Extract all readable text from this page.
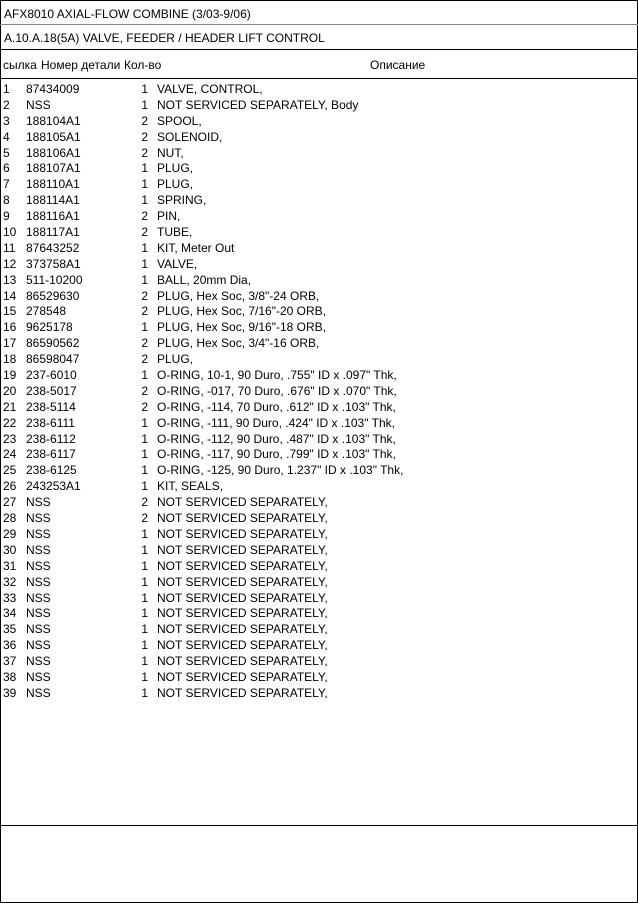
AFX8010 AXIAL-FLOW COMBINE (3/03-9/06)
A.10.A.18(5A) VALVE, FEEDER / HEADER LIFT CONTROL
сылка Номер детали Кол-во	Описание
1 87434009	1 VALVE, CONTROL,
2 NSS	1 NOT SERVICED SEPARATELY, Body
3 188104A1	2 SPOOL,
4 188105A1	2 SOLENOID,
5 188106A1	2 NUT,
6 188107A1	1 PLUG,
7 188110A1	1 PLUG,
8 188114A1	1 SPRING,
9 188116A1	2 PIN,
10 188117A1	2 TUBE,
11 87643252	1 KIT, Meter Out
12 373758A1	1 VALVE,
13 511-10200	1 BALL, 20mm Dia,
14 86529630	2 PLUG, Hex Soc, 3/8"-24 ORB,
15 278548	2 PLUG, Hex Soc, 7/16"-20 ORB,
16 9625178	1 PLUG, Hex Soc, 9/16"-18 ORB,
17 86590562	2 PLUG, Hex Soc, 3/4"-16 ORB,
18 86598047	2 PLUG,
19 237-6010	1 O-RING, 10-1, 90 Duro, .755" ID x .097" Thk,
20 238-5017	2 O-RING, -017, 70 Duro, .676" ID x .070" Thk,
21 238-5114	2 O-RING, -114, 70 Duro, .612" ID x .103" Thk,
22 238-6111	1 O-RING, -111, 90 Duro, .424" ID x .103" Thk,
23 238-6112	1 O-RING, -112, 90 Duro, .487" ID x .103" Thk,
24 238-6117	1 O-RING, -117, 90 Duro, .799" ID x .103" Thk,
25 238-6125	1 O-RING, -125, 90 Duro, 1.237" ID x .103" Thk,
26 243253A1	1 KIT, SEALS,
27 NSS	2 NOT SERVICED SEPARATELY,
28 NSS	2 NOT SERVICED SEPARATELY,
29 NSS	1 NOT SERVICED SEPARATELY,
30 NSS	1 NOT SERVICED SEPARATELY,
31 NSS	1 NOT SERVICED SEPARATELY,
32 NSS	1 NOT SERVICED SEPARATELY,
33 NSS	1 NOT SERVICED SEPARATELY,
34 NSS	1 NOT SERVICED SEPARATELY,
35 NSS	1 NOT SERVICED SEPARATELY,
36 NSS	1 NOT SERVICED SEPARATELY,
37 NSS	1 NOT SERVICED SEPARATELY,
38 NSS	1 NOT SERVICED SEPARATELY,
39 NSS	1 NOT SERVICED SEPARATELY,
